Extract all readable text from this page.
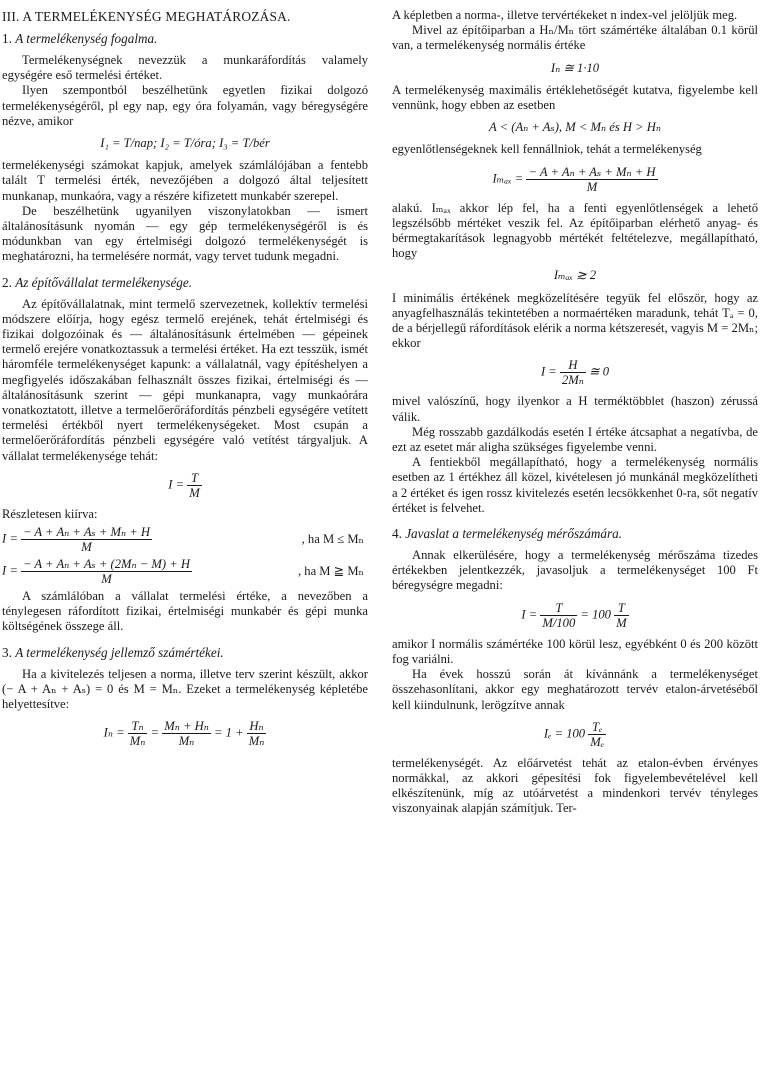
III. A TERMELÉKENYSÉG MEGHATÁROZÁSA.
1. A termelékenység fogalma.

Termelékenységnek nevezzük a munkaráfordítás valamely egységére eső termelési értéket.

Ilyen szempontból beszélhetünk egyetlen fizikai dolgozó termelékenységéről, pl egy nap, egy óra folyamán, vagy béregységére nézve, amikor

I₁ = T/nap; I₂ = T/óra; I₃ = T/bér

termelékenységi számokat kapjuk, amelyek számlálójában a fentebb talált T termelési érték, nevezőjében a dolgozó által teljesített munkanap, munkaóra, vagy a részére kifizetett munkabér szerepel.

De beszélhetünk ugyanilyen viszonylatokban — ismert általánosításunk nyomán — egy gép termelékenységéről is és módunkban van egy értelmiségi dolgozó termelékenységét is meghatározni, ha termelésére normát, vagy tervet tudunk megadni.

2. Az építővállalat termelékenysége.

Az építővállalatnak, mint termelő szervezetnek, kollektív termelési módszere előírja, hogy egész termelő erejének, tehát értelmiségi és fizikai dolgozóinak és — általánosításunk értelmében — gépeinek termelő erejére vonatkoztassuk a termelési értéket. Ha ezt tesszük, ismét háromféle termelékenységet kapunk: a vállalatnál, vagy építéshelyen a megfigyelés időszakában felhasznált összes fizikai, értelmiségi és — általánosításunk szerint — gépi munkanapra, vagy munkaórára vonatkoztatott, illetve a termelőerőráfordítás pénzbeli egységére vetített termelési értékből nyert termelékenységeket. Most csupán a termelőerőráfordítás pénzbeli egységére való vetítést tárgyaljuk. A vállalat termelékenysége tehát:

$I = \frac{T}{M}$

Részletesen kiírva:

$I = \frac{\text{− A + Aₙ + Aₛ + Mₙ + H}}{M}$	, ha M ≤ Mₙ
$I = \frac{\text{− A + Aₙ + Aₛ + (2Mₙ − M) + H}}{M}$	, ha M ≧ Mₙ

A számlálóban a vállalat termelési értéke, a nevezőben a ténylegesen ráfordított fizikai, értelmiségi munkabér és gépi munka költségének összege áll.

3. A termelékenység jellemző számértékei.

Ha a kivitelezés teljesen a norma, illetve terv szerint készült, akkor (− A + Aₙ + Aₛ) = 0 és M = Mₙ. Ezeket a termelékenység képletébe helyettesítve:

$I_n = \frac{\text{Tₙ}}{\text{Mₙ}} = \frac{\text{Mₙ + Hₙ}}{\text{Mₙ}} = 1 + \frac{\text{Hₙ}}{\text{Mₙ}}$

A képletben a norma-, illetve tervértékeket n index-vel jelöljük meg.

Mivel az építőiparban a Hₙ/Mₙ tört számértéke általában 0.1 körül van, a termelékenység normális értéke

Iₙ ≅ 1·10

A termelékenység maximális értéklehetőségét kutatva, figyelembe kell vennünk, hogy ebben az esetben

A < (Aₙ + Aₛ), M < Mₙ és H > Hₙ

egyenlőtlenségeknek kell fennállniok, tehát a termelékenység

$I_{max} = \frac{\text{− A + Aₙ + Aₛ + Mₙ + H}}{M}$

alakú. Iₘₐₓ akkor lép fel, ha a fenti egyenlőtlenségek a lehető legszélsőbb mértéket veszik fel. Az építőiparban elérhető anyag- és bérmegtakarítások legnagyobb mértékét feltételezve, megállapítható, hogy

Iₘₐₓ ≳ 2

I minimális értékének megközelítésére tegyük fel először, hogy az anyagfelhasználás tekintetében a normaértéken maradunk, tehát Tₐ = 0, de a bérjellegű ráfordítások elérik a norma kétszeresét, vagyis M = 2Mₙ; ekkor

$I = \frac{H}{\text{2Mₙ}}$ ≅ 0

mivel valószínű, hogy ilyenkor a H terméktöbblet (haszon) zérussá válik.

Még rosszabb gazdálkodás esetén I értéke átcsaphat a negatívba, de ezt az esetet már aligha szükséges figyelembe venni.

A fentiekből megállapítható, hogy a termelékenység normális esetben az 1 értékhez áll közel, kivételesen jó munkánál megközelítheti a 2 értéket és igen rossz kivitelezés esetén lecsökkenhet 0-ra, sőt negatív értéket is felvehet.

4. Javaslat a termelékenység mérőszámára.

Annak elkerülésére, hogy a termelékenység mérőszáma tizedes értékekben jelentkezzék, javasoljuk a termelékenységet 100 Ft béregységre megadni:

$I = \frac{T}{M/100} = 100 \frac{T}{M}$

amikor I normális számértéke 100 körül lesz, egyébként 0 és 200 között fog variálni.

Ha évek hosszú során át kívánnánk a termelékenységet összehasonlítani, akkor egy meghatározott tervév etalon-árvetéséből kell kiindulnunk, lerögzítve annak

$I_e = 100 \frac{\text{Tₑ}}{\text{Mₑ}}$

termelékenységét. Az előárvetést tehát az etalon-évben érvényes normákkal, az akkori gépesítési fok figyelembevételével kell elkészítenünk, míg az utóárvetést a mindenkori tervév tényleges viszonyainak alapján számítjuk. Ter-
